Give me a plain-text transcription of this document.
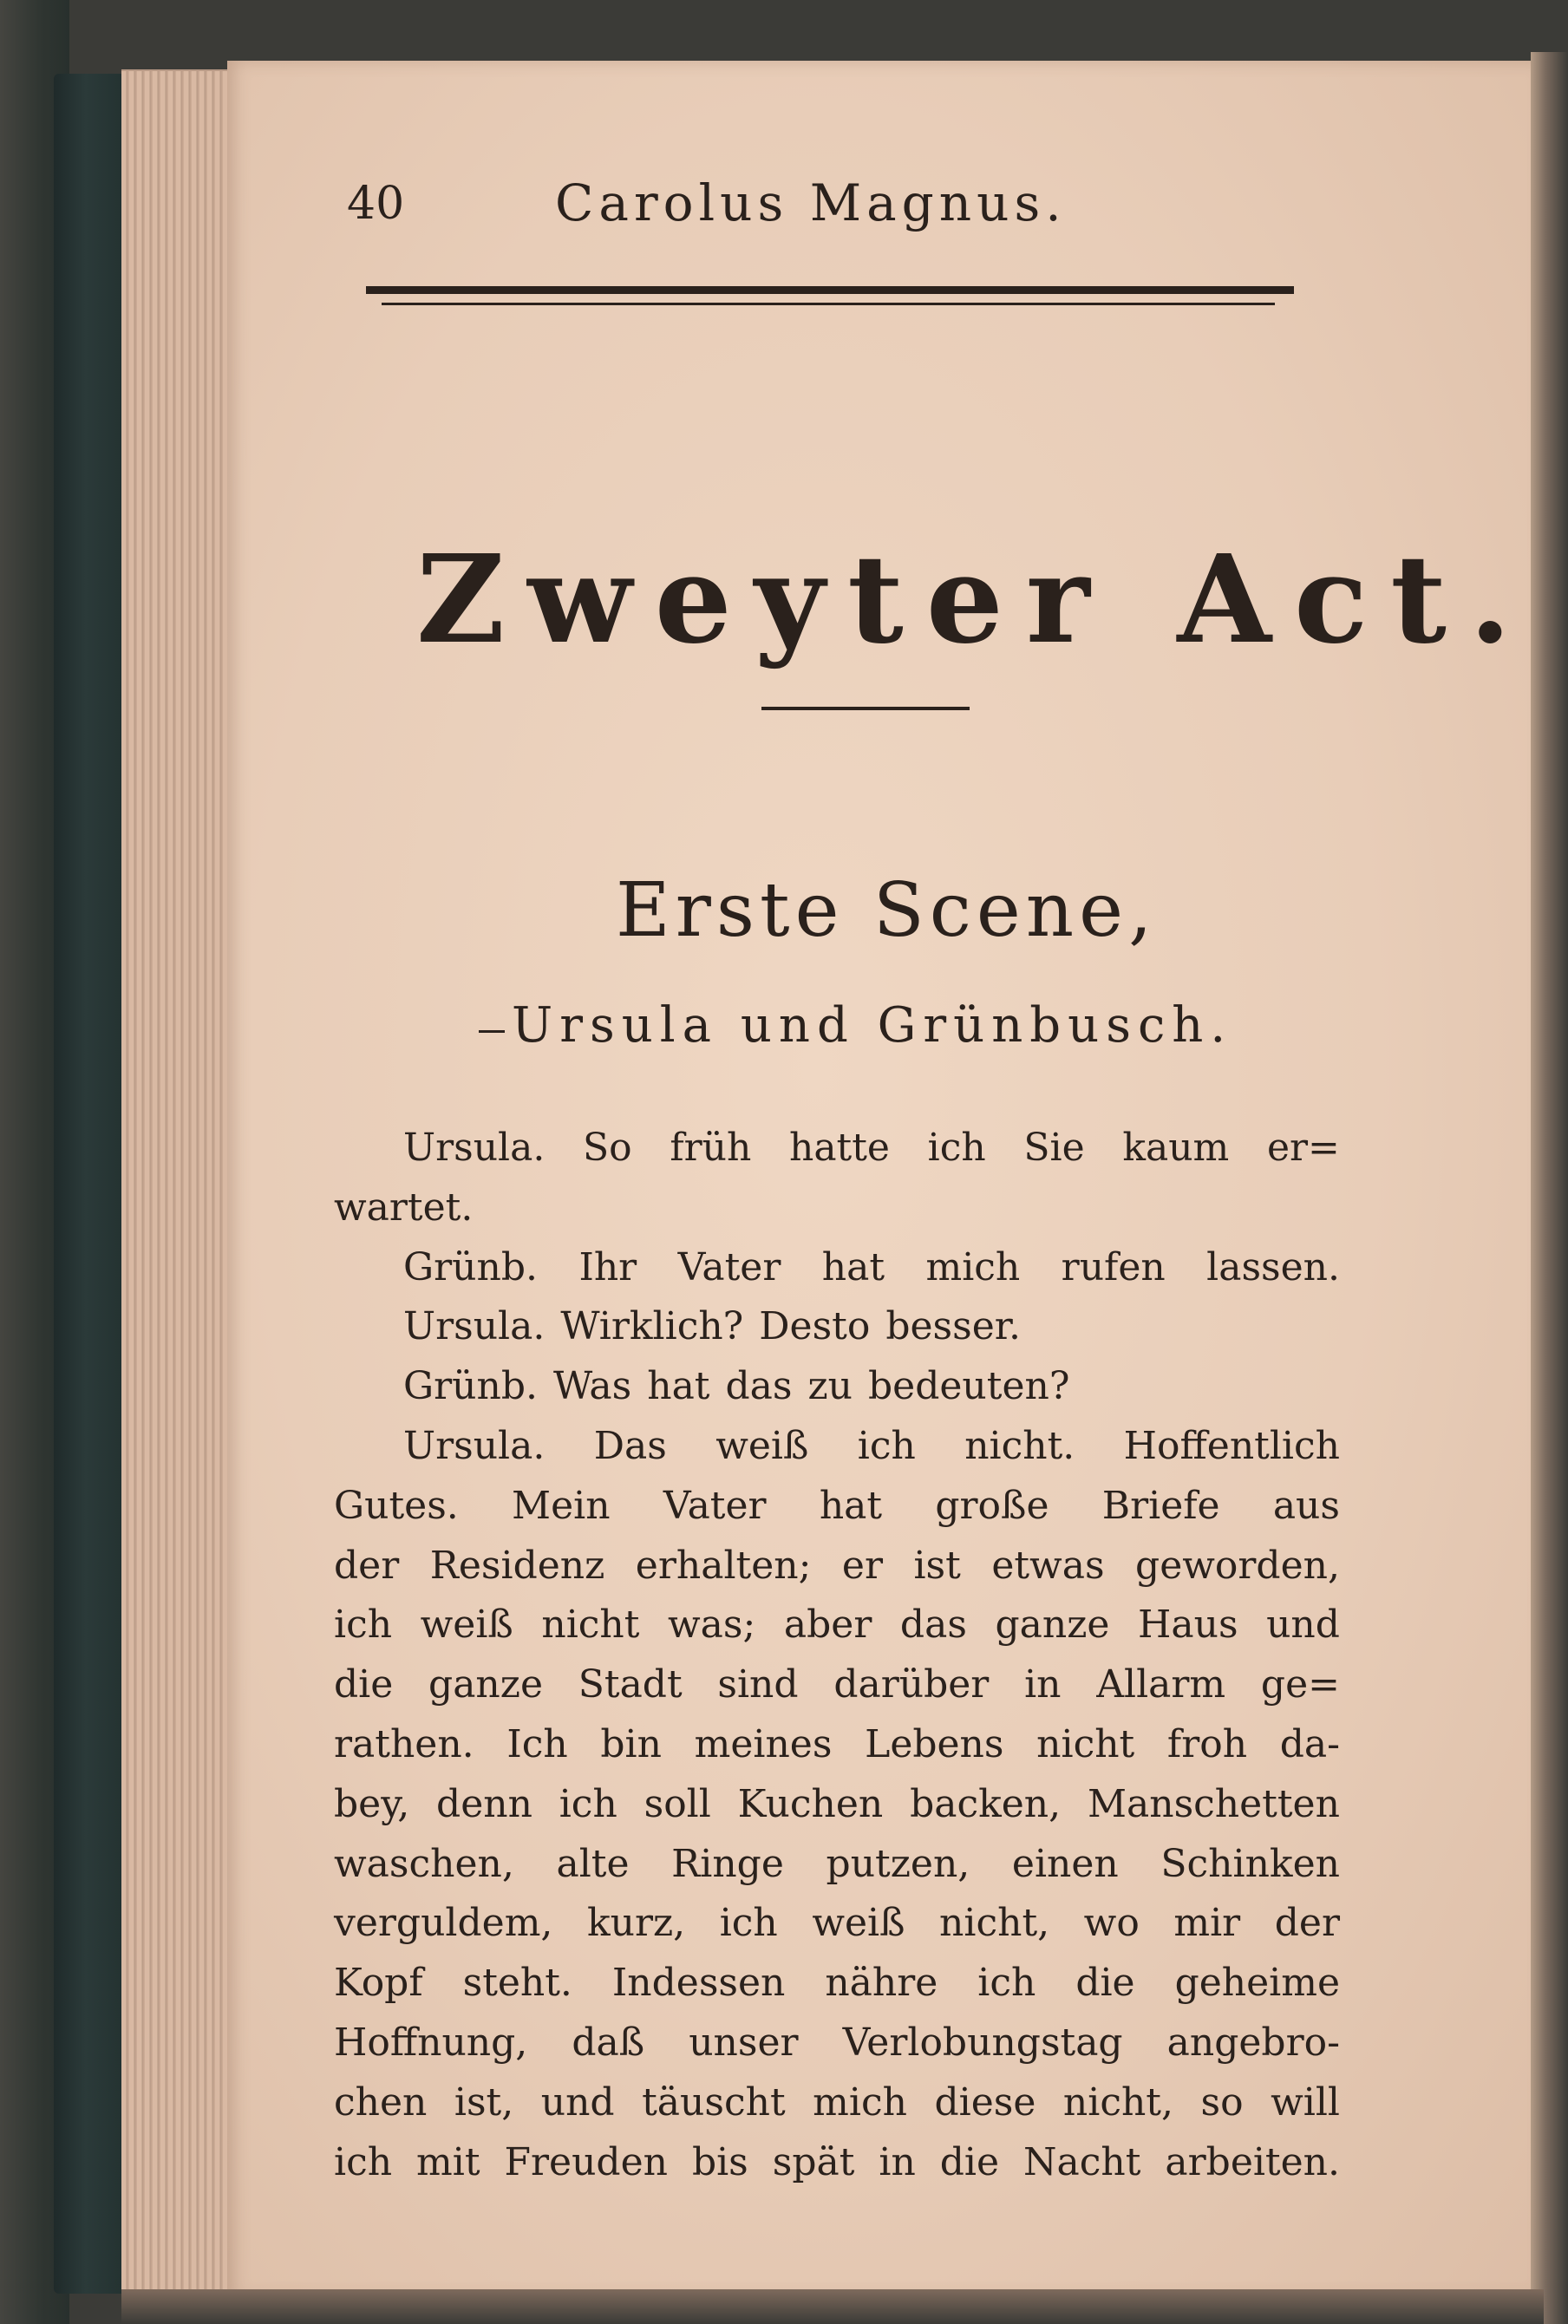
40	Carolus Magnus.
Zweyter Act.
Erste Scene,
Ursula und Grünbusch.
Ursula. So früh hatte ich Sie kaum er=
wartet.
Grünb. Ihr Vater hat mich rufen lassen.
Ursula. Wirklich? Desto besser.
Grünb. Was hat das zu bedeuten?
Ursula. Das weiß ich nicht. Hoffentlich
Gutes. Mein Vater hat große Briefe aus
der Residenz erhalten; er ist etwas geworden,
ich weiß nicht was; aber das ganze Haus und
die ganze Stadt sind darüber in Allarm ge=
rathen. Ich bin meines Lebens nicht froh da-
bey, denn ich soll Kuchen backen, Manschetten
waschen, alte Ringe putzen, einen Schinken
verguldem, kurz, ich weiß nicht, wo mir der
Kopf steht. Indessen nähre ich die geheime
Hoffnung, daß unser Verlobungstag angebro-
chen ist, und täuscht mich diese nicht, so will
ich mit Freuden bis spät in die Nacht arbeiten.
